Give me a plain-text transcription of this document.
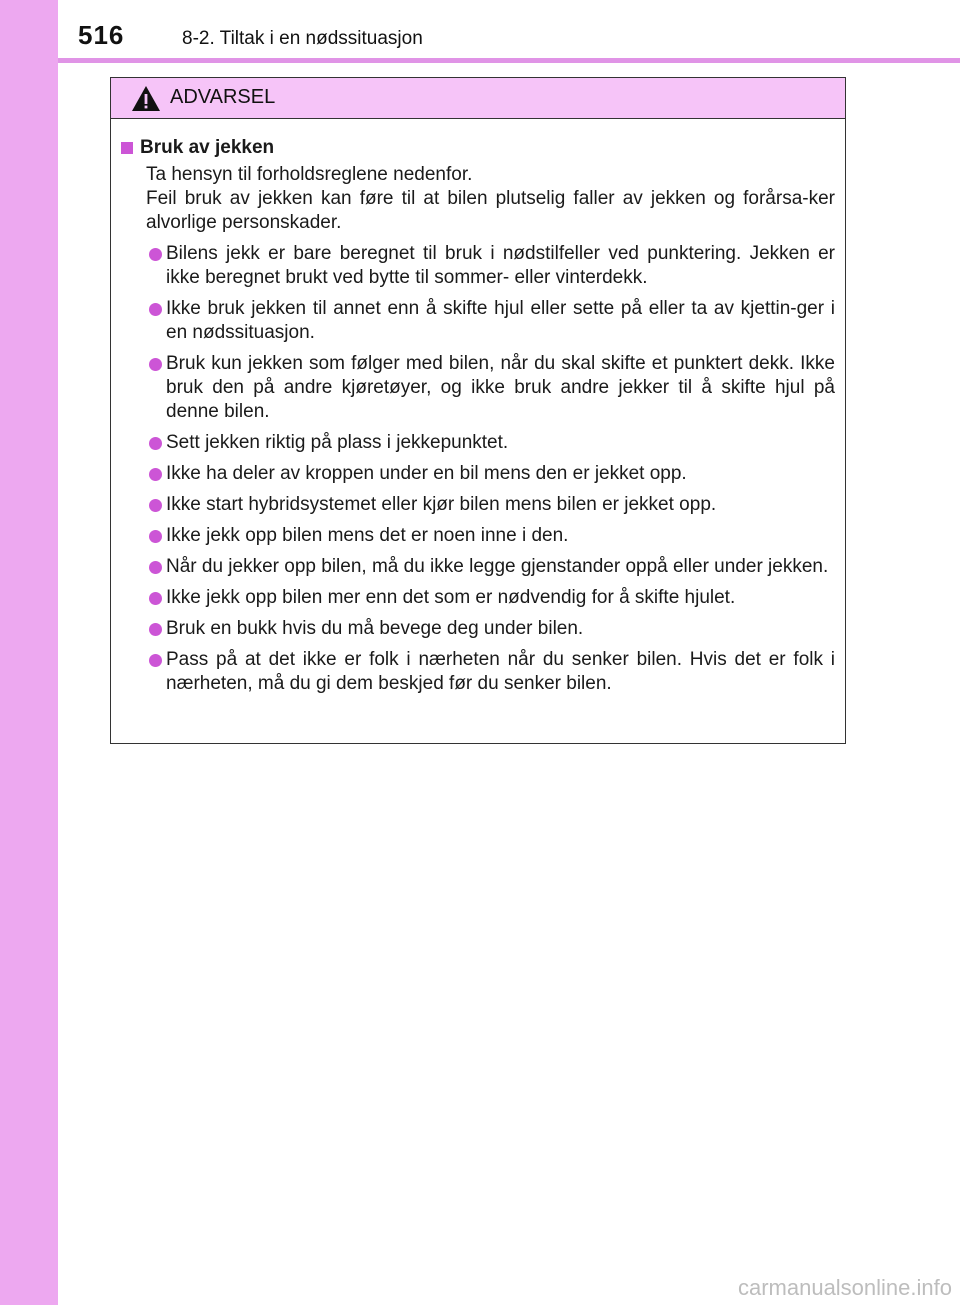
516	8-2. Tiltak i en nødssituasjon
ADVARSEL
Bruk av jekken
Ta hensyn til forholdsreglene nedenfor.
Feil bruk av jekken kan føre til at bilen plutselig faller av jekken og forårsa-ker alvorlige personskader.
Bilens jekk er bare beregnet til bruk i nødstilfeller ved punktering. Jekken er ikke beregnet brukt ved bytte til sommer- eller vinterdekk.
Ikke bruk jekken til annet enn å skifte hjul eller sette på eller ta av kjettin-ger i en nødssituasjon.
Bruk kun jekken som følger med bilen, når du skal skifte et punktert dekk. Ikke bruk den på andre kjøretøyer, og ikke bruk andre jekker til å skifte hjul på denne bilen.
Sett jekken riktig på plass i jekkepunktet.
Ikke ha deler av kroppen under en bil mens den er jekket opp.
Ikke start hybridsystemet eller kjør bilen mens bilen er jekket opp.
Ikke jekk opp bilen mens det er noen inne i den.
Når du jekker opp bilen, må du ikke legge gjenstander oppå eller under jekken.
Ikke jekk opp bilen mer enn det som er nødvendig for å skifte hjulet.
Bruk en bukk hvis du må bevege deg under bilen.
Pass på at det ikke er folk i nærheten når du senker bilen. Hvis det er folk i nærheten, må du gi dem beskjed før du senker bilen.
carmanualsonline.info
